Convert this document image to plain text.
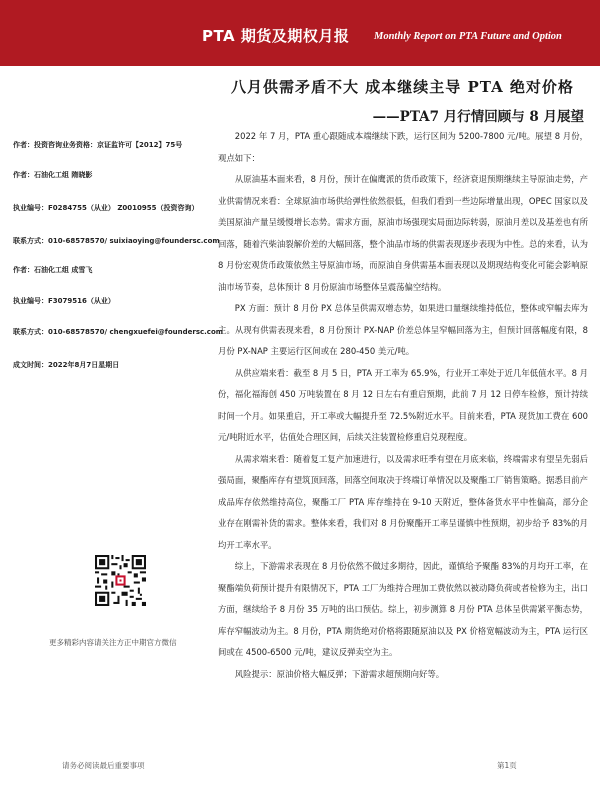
PTA 期货及期权月报 Monthly Report on PTA Future and Option
八月供需矛盾不大 成本继续主导 PTA 绝对价格
——PTA7 月行情回顾与 8 月展望
作者：投资咨询业务资格：京证监许可【2012】75号
作者：石油化工组 隋晓影
执业编号：F0284755（从业） Z0010955（投资咨询）
联系方式：010-68578570/ suixiaoying@foundersc.com
作者：石油化工组 成雪飞
执业编号：F3079516（从业）
联系方式：010-68578570/ chengxuefei@foundersc.com
成文时间：2022年8月7日星期日
更多精彩内容请关注方正中期官方微信

2022 年 7 月，PTA 重心跟随成本端继续下跌，运行区间为 5200-7800 元/吨。展望 8 月份，观点如下：

从原油基本面来看，8 月份，预计在偏鹰派的货币政策下，经济衰退预期继续主导原油走势，产业供需情况来看：全球原油市场供给弹性依然很低，但我们看到一些边际增量出现，OPEC 国家以及美国原油产量呈缓慢增长态势。需求方面，原油市场强现实局面边际转弱，原油月差以及基差也有所回落，随着汽柴油裂解价差的大幅回落，整个油品市场的供需表现逐步表现为中性。总的来看，认为 8 月份宏观货币政策依然主导原油市场，而原油自身供需基本面表现以及期现结构变化可能会影响原油市场节奏，总体预计 8 月份原油市场整体呈震荡偏空结构。

PX 方面：预计 8 月份 PX 总体呈供需双增态势，如果进口量继续维持低位，整体或窄幅去库为主。从现有供需表现来看，8 月份预计 PX-NAP 价差总体呈窄幅回落为主，但预计回落幅度有限，8 月份 PX-NAP 主要运行区间或在 280-450 美元/吨。

从供应端来看：截至 8 月 5 日，PTA 开工率为 65.9%，行业开工率处于近几年低值水平。8 月份，福化福海创 450 万吨装置在 8 月 12 日左右有重启预期，此前 7 月 12 日停车检修，预计持续时间一个月。如果重启，开工率或大幅提升至 72.5%附近水平。目前来看，PTA 现货加工费在 600 元/吨附近水平，估值处合理区间，后续关注装置检修重启兑现程度。

从需求端来看：随着复工复产加速进行，以及需求旺季有望在月底来临，终端需求有望呈先弱后强局面，聚酯库存有望筑顶回落，回落空间取决于终端订单情况以及聚酯工厂销售策略。据悉目前产成品库存依然维持高位，聚酯工厂 PTA 库存维持在 9-10 天附近，整体备货水平中性偏高，部分企业存在刚需补货的需求。整体来看，我们对 8 月份聚酯开工率呈谨慎中性预期，初步给予 83%的月均开工率水平。

综上，下游需求表现在 8 月份依然不做过多期待，因此，谨慎给予聚酯 83%的月均开工率，在聚酯端负荷预计提升有限情况下，PTA 工厂为维持合理加工费依然以被动降负荷或者检修为主，出口方面，继续给予 8 月份 35 万吨的出口预估。综上，初步测算 8 月份 PTA 总体呈供需紧平衡态势，库存窄幅波动为主。8 月份，PTA 期货绝对价格将跟随原油以及 PX 价格宽幅波动为主，PTA 运行区间或在 4500-6500 元/吨，建议反弹卖空为主。

风险提示：原油价格大幅反弹；下游需求超预期向好等。

请务必阅读最后重要事项	第1页
